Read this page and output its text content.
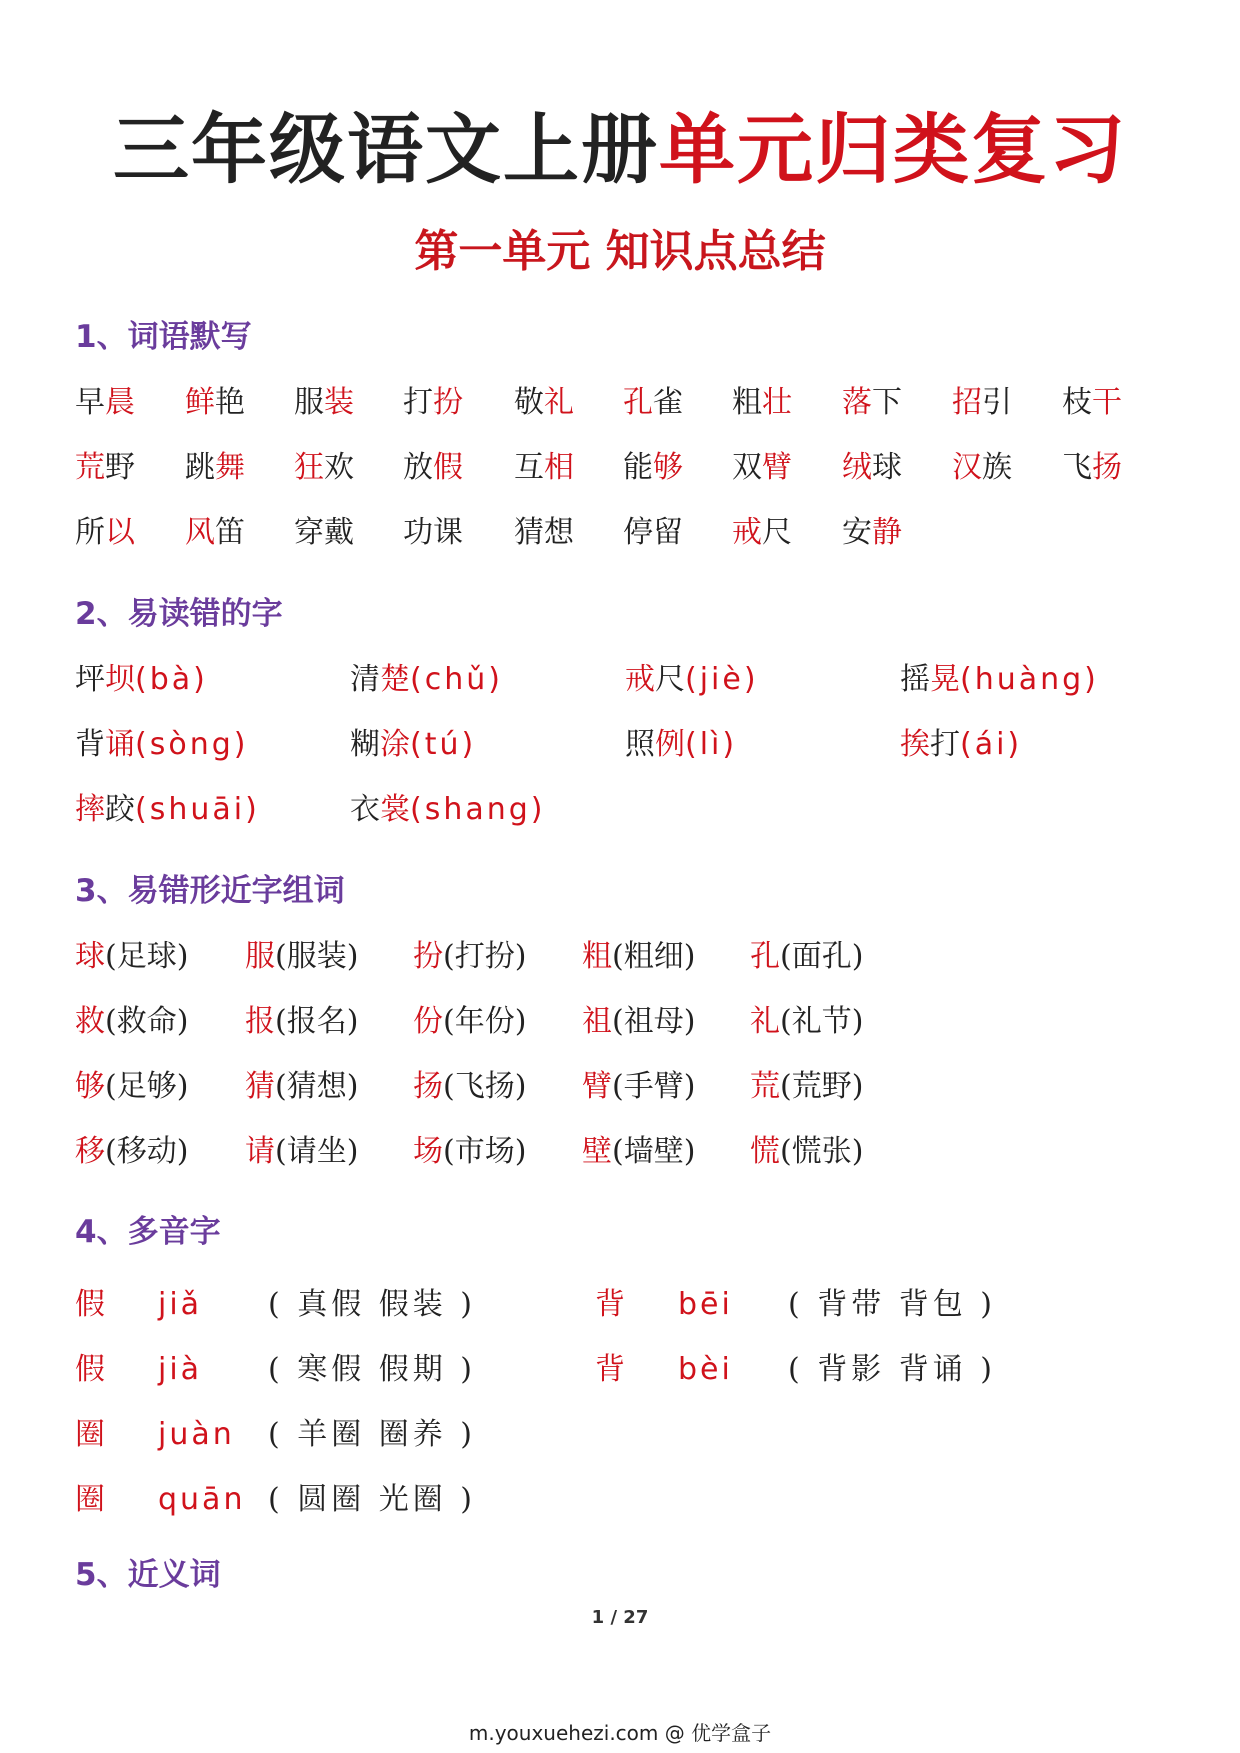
三年级语文上册单元归类复习
第一单元 知识点总结
1、词语默写
2、易读错的字
3、易错形近字组词
4、多音字
5、近义词
早晨 鲜艳 服装 打扮 敬礼 孔雀 粗壮 落下 招引 枝干
荒野 跳舞 狂欢 放假 互相 能够 双臂 绒球 汉族 飞扬
所以 风笛 穿戴 功课 猜想 停留 戒尺 安静
坪坝(bà)	清楚(chǔ)	戒尺(jiè)	摇晃(huàng)
背诵(sòng)	糊涂(tú)	照例(lì)	挨打(ái)
摔跤(shuāi)	衣裳(shang)
球(足球) 服(服装) 扮(打扮) 粗(粗细) 孔(面孔)
救(救命) 报(报名) 份(年份) 祖(祖母) 礼(礼节)
够(足够) 猜(猜想) 扬(飞扬) 臂(手臂) 荒(荒野)
移(移动) 请(请坐) 场(市场) 壁(墙壁) 慌(慌张)
假 jiǎ ( 真假 假装 )	背 bēi ( 背带 背包 )
假 jià ( 寒假 假期 )	背 bèi ( 背影 背诵 )
圈 juàn ( 羊圈 圈养 )
圈 quān ( 圆圈 光圈 )
1 / 27
m.youxuehezi.com @ 优学盒子
